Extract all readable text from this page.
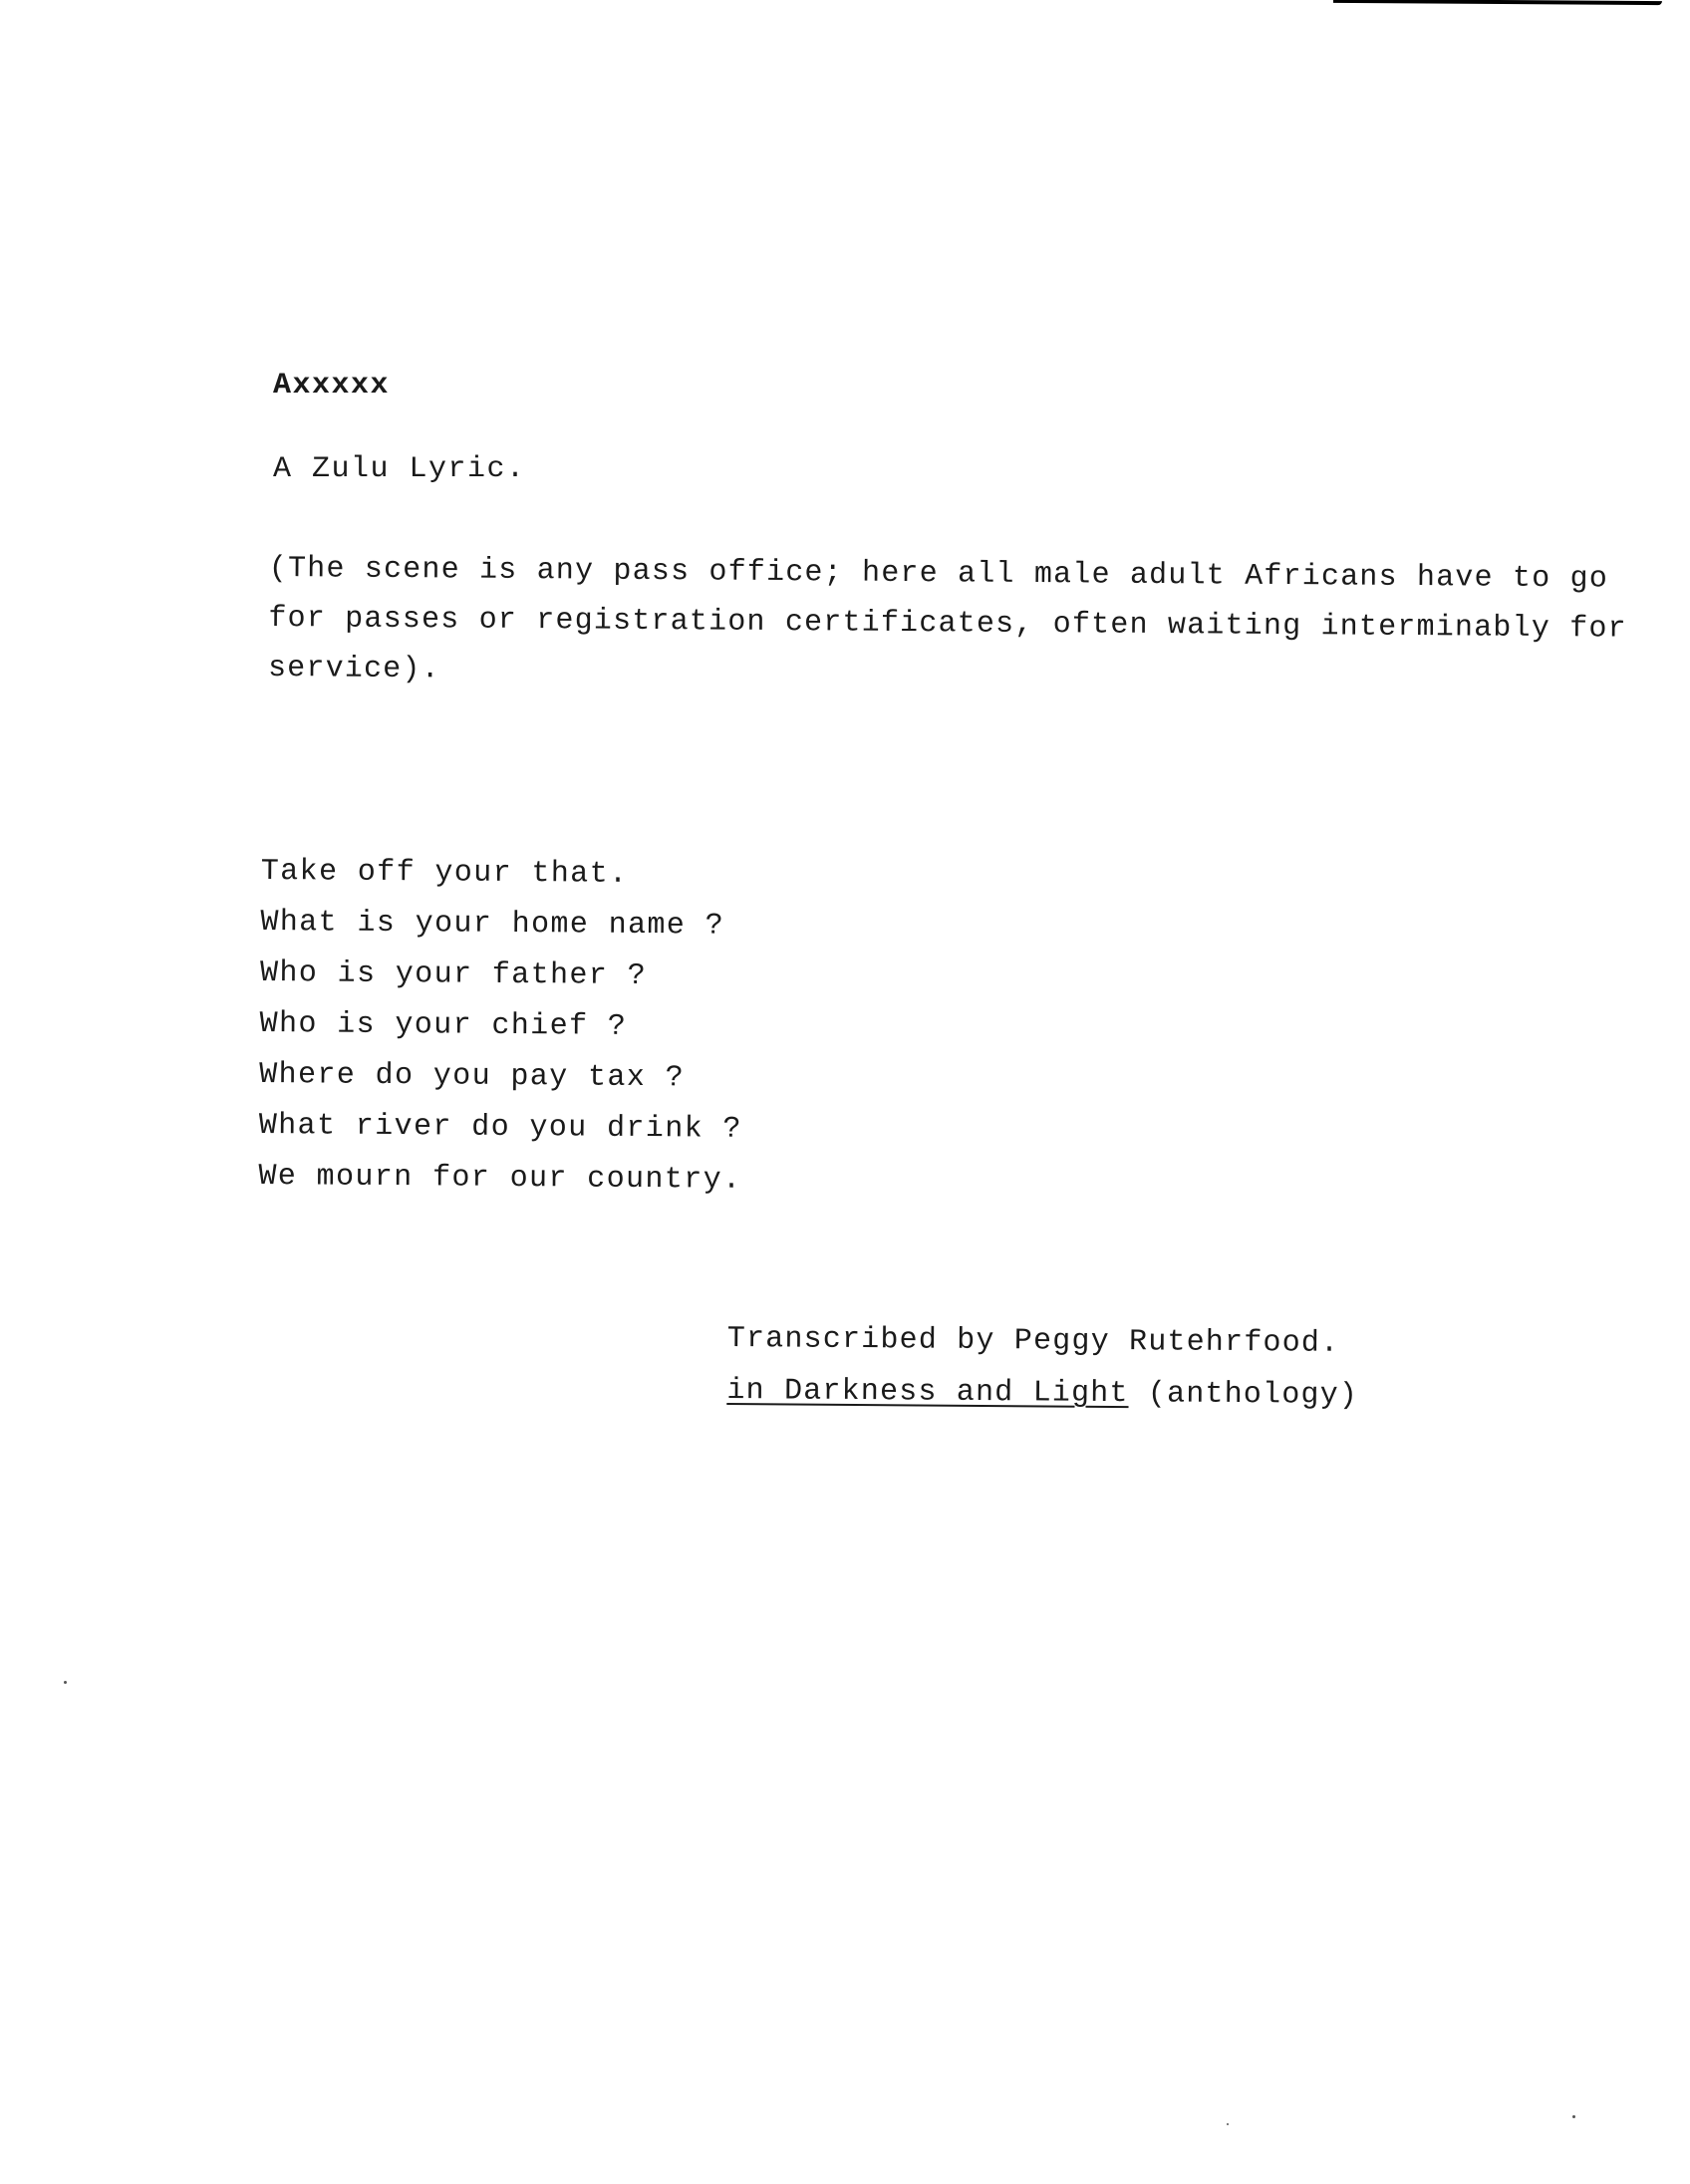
Axxxxx
A Zulu Lyric.
(The scene is any pass office; here all male adult Africans have to go
for passes or registration certificates, often waiting interminably for
service).
Take off your that.
What is your home name ?
Who is your father ?
Who is your chief ?
Where do you pay tax ?
What river do you drink ?
We mourn for our country.
Transcribed by Peggy Rutehrfood.
in Darkness and Light (anthology)
